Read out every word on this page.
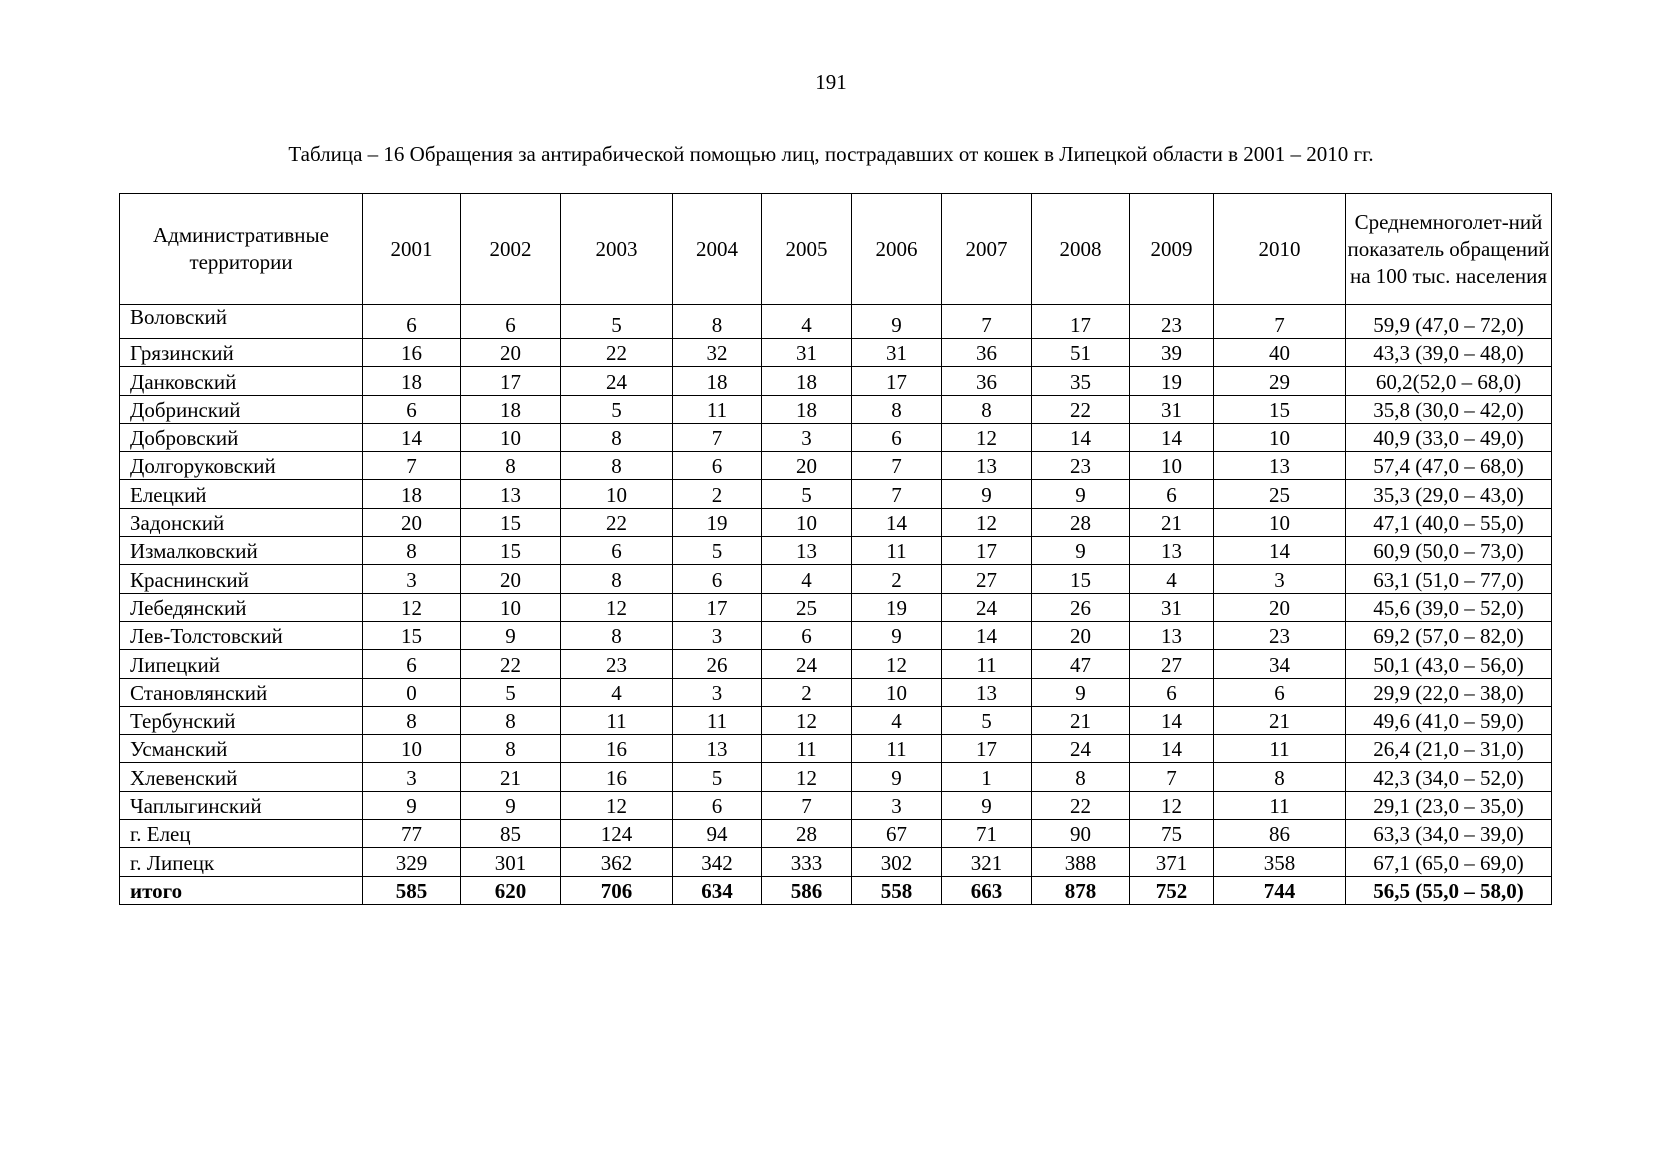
191
Таблица – 16 Обращения за антирабической помощью лиц, пострадавших от кошек в Липецкой области в 2001 – 2010 гг.
Административные территории	2001	2002	2003	2004	2005	2006	2007	2008	2009	2010	Среднемноголет-ний показатель обращений на 100 тыс. населения
Воловский	6	6	5	8	4	9	7	17	23	7	59,9 (47,0 – 72,0)
Грязинский	16	20	22	32	31	31	36	51	39	40	43,3 (39,0 – 48,0)
Данковский	18	17	24	18	18	17	36	35	19	29	60,2(52,0 – 68,0)
Добринский	6	18	5	11	18	8	8	22	31	15	35,8 (30,0 – 42,0)
Добровский	14	10	8	7	3	6	12	14	14	10	40,9 (33,0 – 49,0)
Долгоруковский	7	8	8	6	20	7	13	23	10	13	57,4 (47,0 – 68,0)
Елецкий	18	13	10	2	5	7	9	9	6	25	35,3 (29,0 – 43,0)
Задонский	20	15	22	19	10	14	12	28	21	10	47,1 (40,0 – 55,0)
Измалковский	8	15	6	5	13	11	17	9	13	14	60,9 (50,0 – 73,0)
Краснинский	3	20	8	6	4	2	27	15	4	3	63,1 (51,0 – 77,0)
Лебедянский	12	10	12	17	25	19	24	26	31	20	45,6 (39,0 – 52,0)
Лев-Толстовский	15	9	8	3	6	9	14	20	13	23	69,2 (57,0 – 82,0)
Липецкий	6	22	23	26	24	12	11	47	27	34	50,1 (43,0 – 56,0)
Становлянский	0	5	4	3	2	10	13	9	6	6	29,9 (22,0 – 38,0)
Тербунский	8	8	11	11	12	4	5	21	14	21	49,6 (41,0 – 59,0)
Усманский	10	8	16	13	11	11	17	24	14	11	26,4 (21,0 – 31,0)
Хлевенский	3	21	16	5	12	9	1	8	7	8	42,3 (34,0 – 52,0)
Чаплыгинский	9	9	12	6	7	3	9	22	12	11	29,1 (23,0 – 35,0)
г. Елец	77	85	124	94	28	67	71	90	75	86	63,3 (34,0 – 39,0)
г. Липецк	329	301	362	342	333	302	321	388	371	358	67,1 (65,0 – 69,0)
итого	585	620	706	634	586	558	663	878	752	744	56,5 (55,0 – 58,0)
